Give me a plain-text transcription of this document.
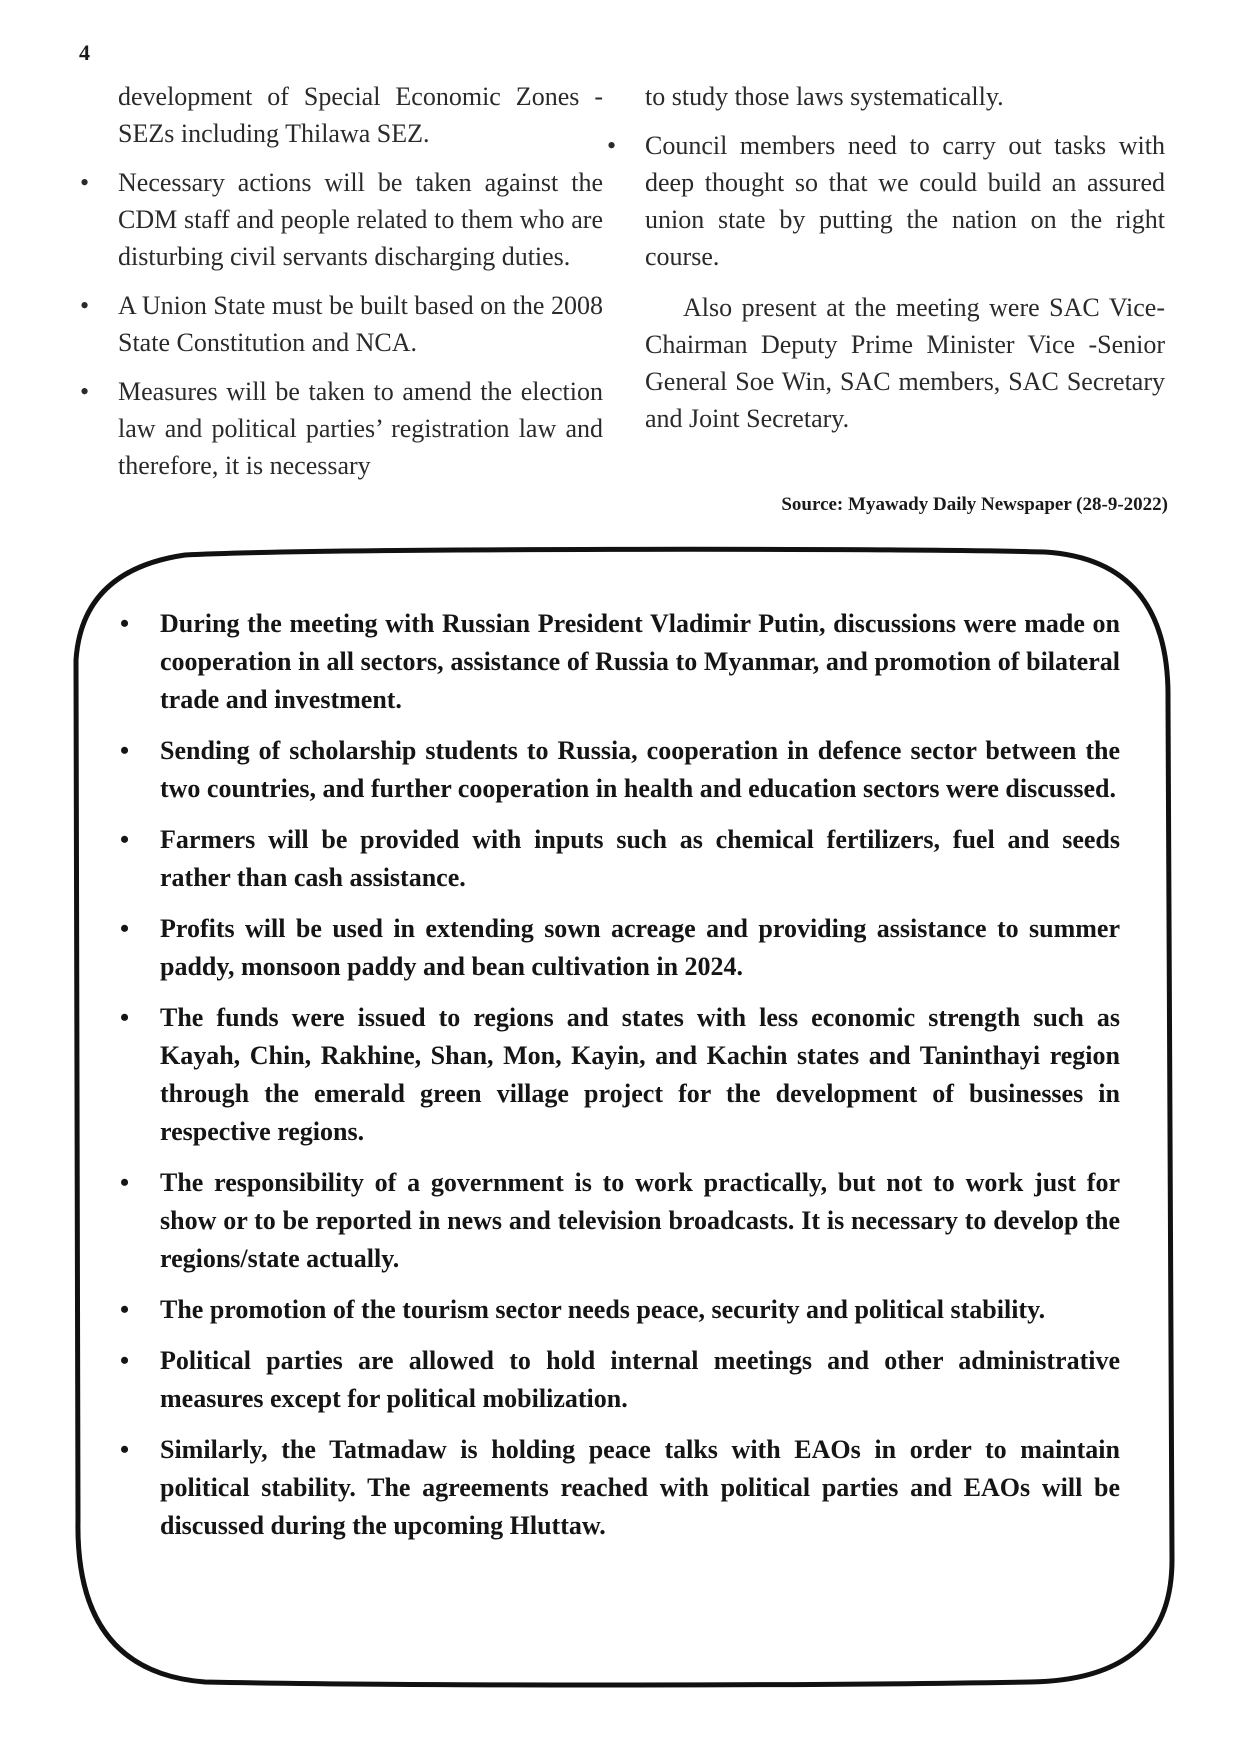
4

development of Special Economic Zones -SEZs including Thilawa SEZ.

• Necessary actions will be taken against the CDM staff and people related to them who are disturbing civil servants discharging duties.
• A Union State must be built based on the 2008 State Constitution and NCA.
• Measures will be taken to amend the election law and political parties’ registration law and therefore, it is necessary

to study those laws systematically.

• Council members need to carry out tasks with deep thought so that we could build an assured union state by putting the nation on the right course.

Also present at the meeting were SAC Vice-Chairman Deputy Prime Minister Vice -Senior General Soe Win, SAC members, SAC Secretary and Joint Secretary.

Source: Myawady Daily Newspaper (28-9-2022)
• During the meeting with Russian President Vladimir Putin, discussions were made on cooperation in all sectors, assistance of Russia to Myanmar, and promotion of bilateral trade and investment.
• Sending of scholarship students to Russia, cooperation in defence sector between the two countries, and further cooperation in health and education sectors were discussed.
• Farmers will be provided with inputs such as chemical fertilizers, fuel and seeds rather than cash assistance.
• Profits will be used in extending sown acreage and providing assistance to summer paddy, monsoon paddy and bean cultivation in 2024.
• The funds were issued to regions and states with less economic strength such as Kayah, Chin, Rakhine, Shan, Mon, Kayin, and Kachin states and Taninthayi region through the emerald green village project for the development of businesses in respective regions.
• The responsibility of a government is to work practically, but not to work just for show or to be reported in news and television broadcasts. It is necessary to develop the regions/state actually.
• The promotion of the tourism sector needs peace, security and political stability.
• Political parties are allowed to hold internal meetings and other administrative measures except for political mobilization.
• Similarly, the Tatmadaw is holding peace talks with EAOs in order to maintain political stability. The agreements reached with political parties and EAOs will be discussed during the upcoming Hluttaw.
